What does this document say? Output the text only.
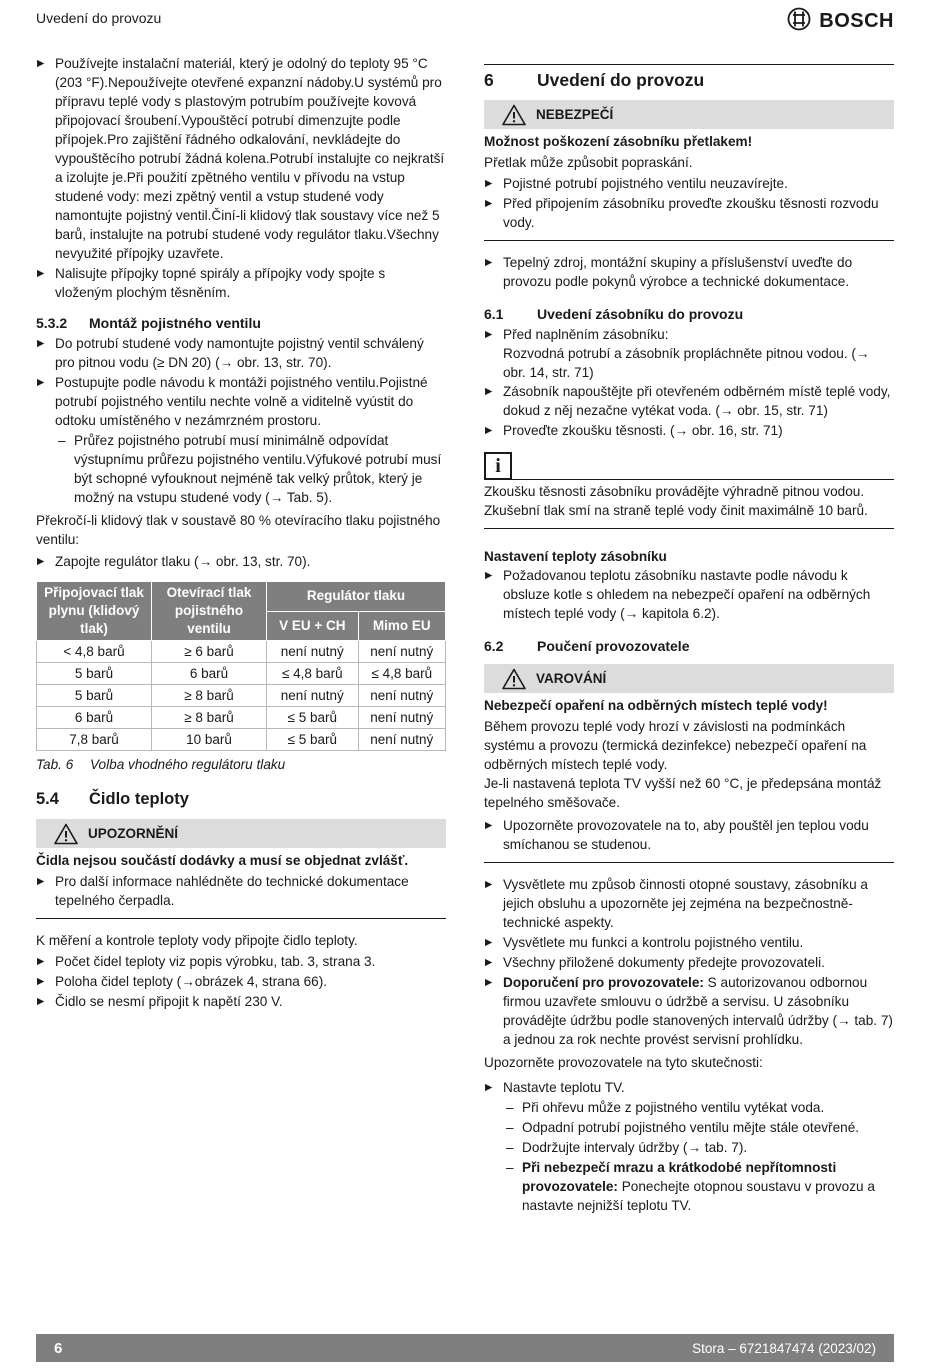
Uvedení do provozu	BOSCH
▶ Používejte instalační materiál, který je odolný do teploty 95 °C (203 °F).Nepoužívejte otevřené expanzní nádoby.U systémů pro přípravu teplé vody s plastovým potrubím používejte kovová připojovací šroubení.Vypouštěcí potrubí dimenzujte podle přípojek.Pro zajištění řádného odkalování, nevkládejte do vypouštěcího potrubí žádná kolena.Potrubí instalujte co nejkratší a izolujte je.Při použití zpětného ventilu v přívodu na vstup studené vody: mezi zpětný ventil a vstup studené vody namontujte pojistný ventil.Činí-li klidový tlak soustavy více než 5 barů, instalujte na potrubí studené vody regulátor tlaku.Všechny nevyužité přípojky uzavřete.
▶ Nalisujte přípojky topné spirály a přípojky vody spojte s vloženým plochým těsněním.
5.3.2	Montáž pojistného ventilu
▶ Do potrubí studené vody namontujte pojistný ventil schválený pro pitnou vodu (≥ DN 20) (→ obr. 13, str. 70).
▶ Postupujte podle návodu k montáži pojistného ventilu.Pojistné potrubí pojistného ventilu nechte volně a viditelně vyústit do odtoku umístěného v nezámrzném prostoru.
– Průřez pojistného potrubí musí minimálně odpovídat výstupnímu průřezu pojistného ventilu.Výfukové potrubí musí být schopné vyfouknout nejméně tak velký průtok, který je možný na vstupu studené vody (→ Tab. 5).
Překročí-li klidový tlak v soustavě 80 % otevíracího tlaku pojistného ventilu:
▶ Zapojte regulátor tlaku (→ obr. 13, str. 70).
Připojovací tlak plynu (klidový tlak)	Otevírací tlak pojistného ventilu	Regulátor tlaku	
		V EU + CH	Mimo EU
< 4,8 barů	≥ 6 barů	není nutný	není nutný
5 barů	6 barů	≤ 4,8 barů	≤ 4,8 barů
5 barů	≥ 8 barů	není nutný	není nutný
6 barů	≥ 8 barů	≤ 5 barů	není nutný
7,8 barů	10 barů	≤ 5 barů	není nutný
Tab. 6	Volba vhodného regulátoru tlaku
5.4	Čidlo teploty
UPOZORNĚNÍ
Čidla nejsou součástí dodávky a musí se objednat zvlášť.
▶ Pro další informace nahlédněte do technické dokumentace tepelného čerpadla.
K měření a kontrole teploty vody připojte čidlo teploty.
▶ Počet čidel teploty viz popis výrobku, tab. 3, strana 3.
▶ Poloha čidel teploty (→obrázek 4, strana 66).
▶ Čidlo se nesmí připojit k napětí 230 V.
6	Uvedení do provozu
NEBEZPEČÍ
Možnost poškození zásobníku přetlakem!
Přetlak může způsobit popraskání.
▶ Pojistné potrubí pojistného ventilu neuzavírejte.
▶ Před připojením zásobníku proveďte zkoušku těsnosti rozvodu vody.
▶ Tepelný zdroj, montážní skupiny a příslušenství uveďte do provozu podle pokynů výrobce a technické dokumentace.
6.1	Uvedení zásobníku do provozu
▶ Před naplněním zásobníku:
Rozvodná potrubí a zásobník propláchněte pitnou vodou. (→ obr. 14, str. 71)
▶ Zásobník napouštějte při otevřeném odběrném místě teplé vody, dokud z něj nezačne vytékat voda. (→ obr. 15, str. 71)
▶ Proveďte zkoušku těsnosti. (→ obr. 16, str. 71)
i
Zkoušku těsnosti zásobníku provádějte výhradně pitnou vodou. Zkušební tlak smí na straně teplé vody činit maximálně 10 barů.
Nastavení teploty zásobníku
▶ Požadovanou teplotu zásobníku nastavte podle návodu k obsluze kotle s ohledem na nebezpečí opaření na odběrných místech teplé vody (→ kapitola 6.2).
6.2	Poučení provozovatele
VAROVÁNÍ
Nebezpečí opaření na odběrných místech teplé vody!
Během provozu teplé vody hrozí v závislosti na podmínkách systému a provozu (termická dezinfekce) nebezpečí opaření na odběrných místech teplé vody.
Je-li nastavená teplota TV vyšší než 60 °C, je předepsána montáž tepelného směšovače.
▶ Upozorněte provozovatele na to, aby pouštěl jen teplou vodu smíchanou se studenou.
▶ Vysvětlete mu způsob činnosti otopné soustavy, zásobníku a jejich obsluhu a upozorněte jej zejména na bezpečnostně-technické aspekty.
▶ Vysvětlete mu funkci a kontrolu pojistného ventilu.
▶ Všechny přiložené dokumenty předejte provozovateli.
▶ Doporučení pro provozovatele: S autorizovanou odbornou firmou uzavřete smlouvu o údržbě a servisu. U zásobníku provádějte údržbu podle stanovených intervalů údržby (→ tab. 7) a jednou za rok nechte provést servisní prohlídku.
Upozorněte provozovatele na tyto skutečnosti:
▶ Nastavte teplotu TV.
– Při ohřevu může z pojistného ventilu vytékat voda.
– Odpadní potrubí pojistného ventilu mějte stále otevřené.
– Dodržujte intervaly údržby (→ tab. 7).
– Při nebezpečí mrazu a krátkodobé nepřítomnosti provozovatele: Ponechejte otopnou soustavu v provozu a nastavte nejnižší teplotu TV.
6	Stora – 6721847474 (2023/02)
